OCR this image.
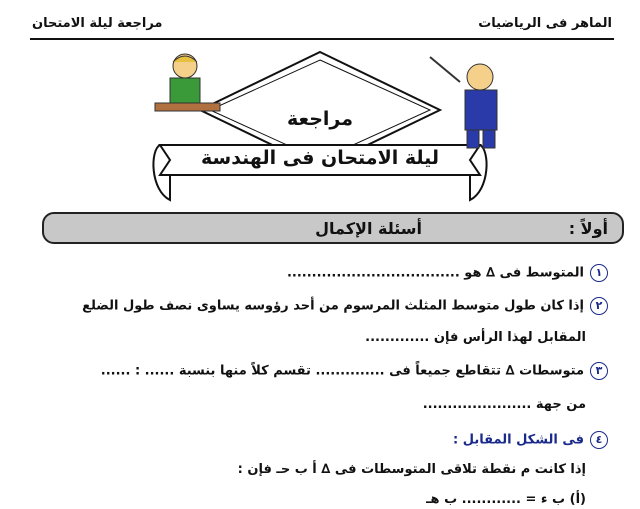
الماهر فى الرياضيات
مراجعة ليلة الامتحان
مراجعة
ليلة الامتحان فى الهندسة
أولاً :
أسئلة الإكمال
١المتوسط فى ∆ هو ...................................
٢إذا كان طول متوسط المثلث المرسوم من أحد رؤوسه يساوى نصف طول الضلع
المقابل لهذا الرأس فإن .............
٣متوسطات ∆ تتقاطع جميعاً فى .............. تقسم كلاً منها بنسبة ...... : ......
من جهة ......................
٤فى الشكل المقابل :
إذا كانت م نقطة تلاقى المتوسطات فى ∆ أ ب حـ فإن :
(أ) ب ء = ............ ب هـ
